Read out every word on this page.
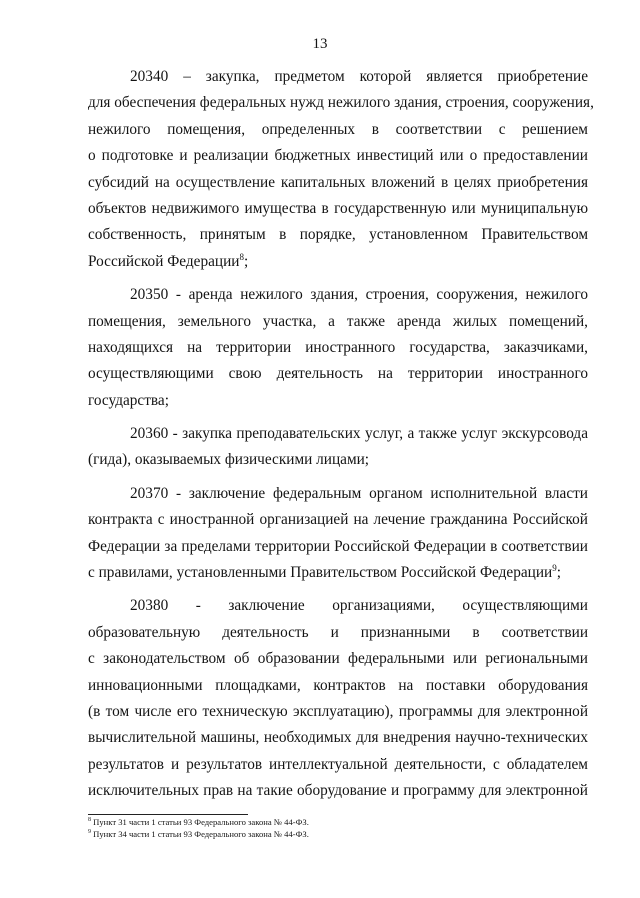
13
20340 – закупка, предметом которой является приобретение
для обеспечения федеральных нужд нежилого здания, строения, сооружения,
нежилого помещения, определенных в соответствии с решением
о подготовке и реализации бюджетных инвестиций или о предоставлении
субсидий на осуществление капитальных вложений в целях приобретения
объектов недвижимого имущества в государственную или муниципальную
собственность, принятым в порядке, установленном Правительством
Российской Федерации$^8$;
20350 - аренда нежилого здания, строения, сооружения, нежилого
помещения, земельного участка, а также аренда жилых помещений,
находящихся на территории иностранного государства, заказчиками,
осуществляющими свою деятельность на территории иностранного
государства;
20360 - закупка преподавательских услуг, а также услуг экскурсовода
(гида), оказываемых физическими лицами;
20370 - заключение федеральным органом исполнительной власти
контракта с иностранной организацией на лечение гражданина Российской
Федерации за пределами территории Российской Федерации в соответствии
с правилами, установленными Правительством Российской Федерации$^9$;
20380 - заключение организациями, осуществляющими
образовательную деятельность и признанными в соответствии
с законодательством об образовании федеральными или региональными
инновационными площадками, контрактов на поставки оборудования
(в том числе его техническую эксплуатацию), программы для электронной
вычислительной машины, необходимых для внедрения научно-технических
результатов и результатов интеллектуальной деятельности, с обладателем
исключительных прав на такие оборудование и программу для электронной
$^8$ Пункт 31 части 1 статьи 93 Федерального закона № 44-ФЗ.
$^9$ Пункт 34 части 1 статьи 93 Федерального закона № 44-ФЗ.
